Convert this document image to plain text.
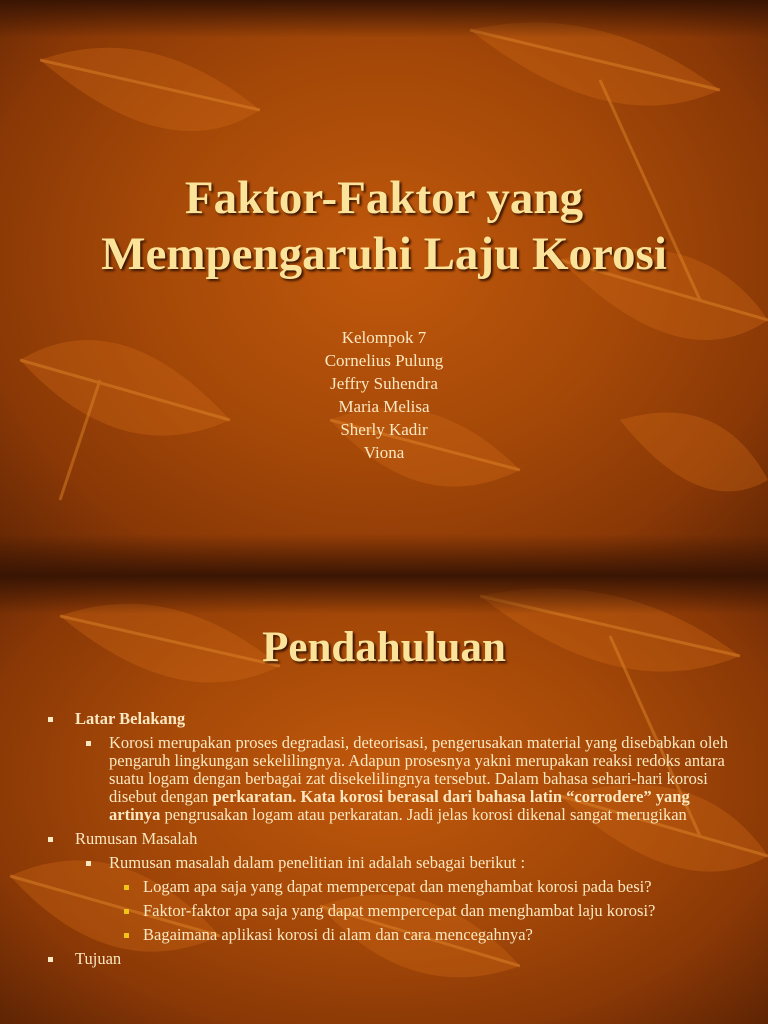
Faktor-Faktor yang
Mempengaruhi Laju Korosi
Kelompok 7
Cornelius Pulung
Jeffry Suhendra
Maria Melisa
Sherly Kadir
Viona
Pendahuluan
Latar Belakang
Korosi merupakan proses degradasi, deteorisasi, pengerusakan material yang disebabkan oleh pengaruh lingkungan sekelilingnya. Adapun prosesnya yakni merupakan reaksi redoks antara suatu logam dengan berbagai zat disekelilingnya tersebut. Dalam bahasa sehari-hari korosi disebut dengan perkaratan. Kata korosi berasal dari bahasa latin “corrodere” yang artinya pengrusakan logam atau perkaratan. Jadi jelas korosi dikenal sangat merugikan
Rumusan Masalah
Rumusan masalah dalam penelitian ini adalah sebagai berikut :
Logam apa saja yang dapat mempercepat dan menghambat korosi pada besi?
Faktor-faktor apa saja yang dapat mempercepat dan menghambat laju korosi?
Bagaimana aplikasi korosi di alam dan cara mencegahnya?
Tujuan
